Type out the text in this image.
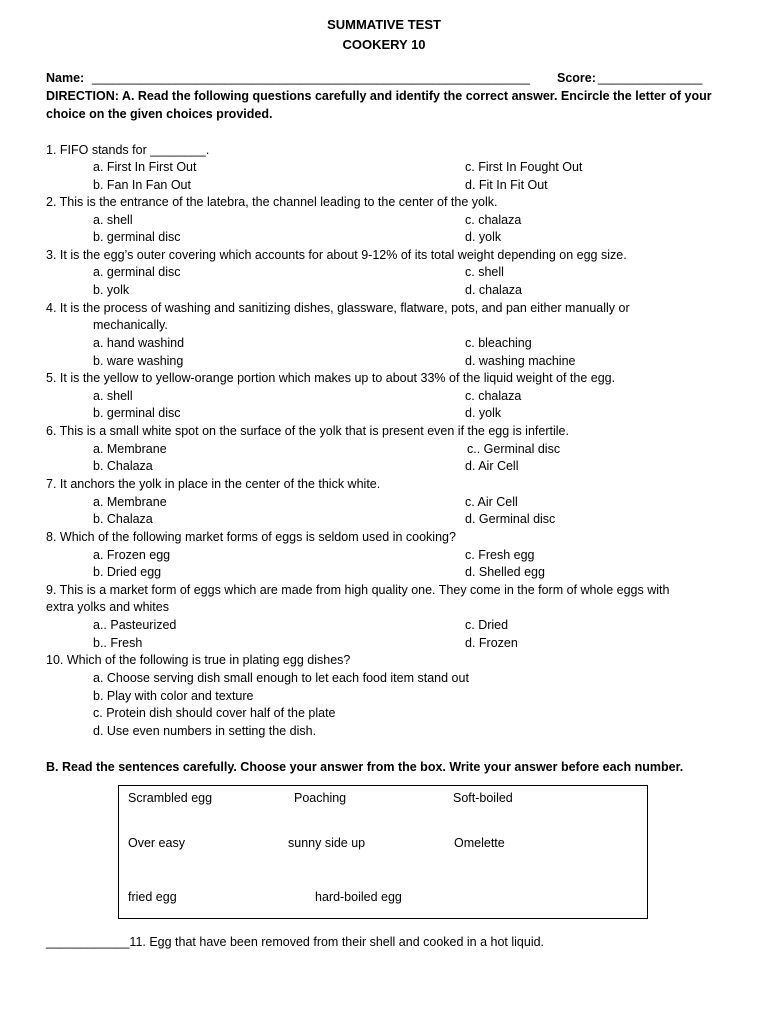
SUMMATIVE TEST
COOKERY 10
Name: _______________________________________________________________ Score: _______________
DIRECTION: A. Read the following questions carefully and identify the correct answer. Encircle the letter of your
choice on the given choices provided.
1. FIFO stands for ________.
a. First In First Out	c. First In Fought Out
b. Fan In Fan Out	d. Fit In Fit Out
2. This is the entrance of the latebra, the channel leading to the center of the yolk.
a. shell	c. chalaza
b. germinal disc	d. yolk
3. It is the egg’s outer covering which accounts for about 9-12% of its total weight depending on egg size.
a. germinal disc	c. shell
b. yolk	d. chalaza
4. It is the process of washing and sanitizing dishes, glassware, flatware, pots, and pan either manually or
mechanically.
a. hand washind	c. bleaching
b. ware washing	d. washing machine
5. It is the yellow to yellow-orange portion which makes up to about 33% of the liquid weight of the egg.
a. shell	c. chalaza
b. germinal disc	d. yolk
6. This is a small white spot on the surface of the yolk that is present even if the egg is infertile.
a. Membrane	c.. Germinal disc
b. Chalaza	d. Air Cell
7. It anchors the yolk in place in the center of the thick white.
a. Membrane	c. Air Cell
b. Chalaza	d. Germinal disc
8. Which of the following market forms of eggs is seldom used in cooking?
a. Frozen egg	c. Fresh egg
b. Dried egg	d. Shelled egg
9. This is a market form of eggs which are made from high quality one. They come in the form of whole eggs with
extra yolks and whites
a.. Pasteurized	c. Dried
b.. Fresh	d. Frozen
10. Which of the following is true in plating egg dishes?
a. Choose serving dish small enough to let each food item stand out
b. Play with color and texture
c. Protein dish should cover half of the plate
d. Use even numbers in setting the dish.
B. Read the sentences carefully. Choose your answer from the box. Write your answer before each number.
Scrambled egg	Poaching	Soft-boiled
Over easy	sunny side up	Omelette
fried egg	hard-boiled egg
____________11. Egg that have been removed from their shell and cooked in a hot liquid.
